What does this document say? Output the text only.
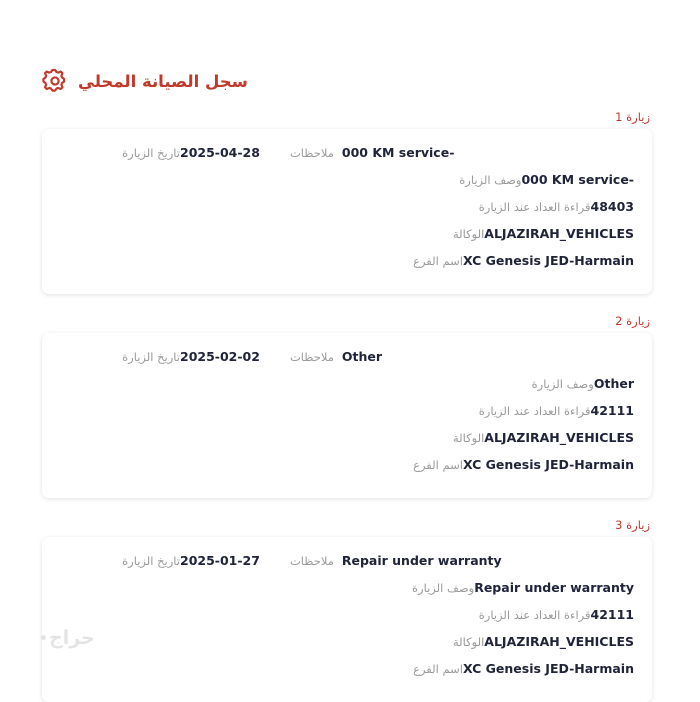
سجل الصيانة المحلي
زيارة 1
000 KM service-
ملاحظات
2025-04-28
تاريخ الزيارة
000 KM service-
وصف الزيارة
48403
قراءة العداد عند الزيارة
ALJAZIRAH_VEHICLES
الوكالة
XC Genesis JED-Harmain
اسم الفرع
زيارة 2
Other
ملاحظات
2025-02-02
تاريخ الزيارة
Other
وصف الزيارة
42111
قراءة العداد عند الزيارة
ALJAZIRAH_VEHICLES
الوكالة
XC Genesis JED-Harmain
اسم الفرع
زيارة 3
Repair under warranty
ملاحظات
2025-01-27
تاريخ الزيارة
Repair under warranty
وصف الزيارة
42111
قراءة العداد عند الزيارة
ALJAZIRAH_VEHICLES
الوكالة
XC Genesis JED-Harmain
اسم الفرع
حراج
